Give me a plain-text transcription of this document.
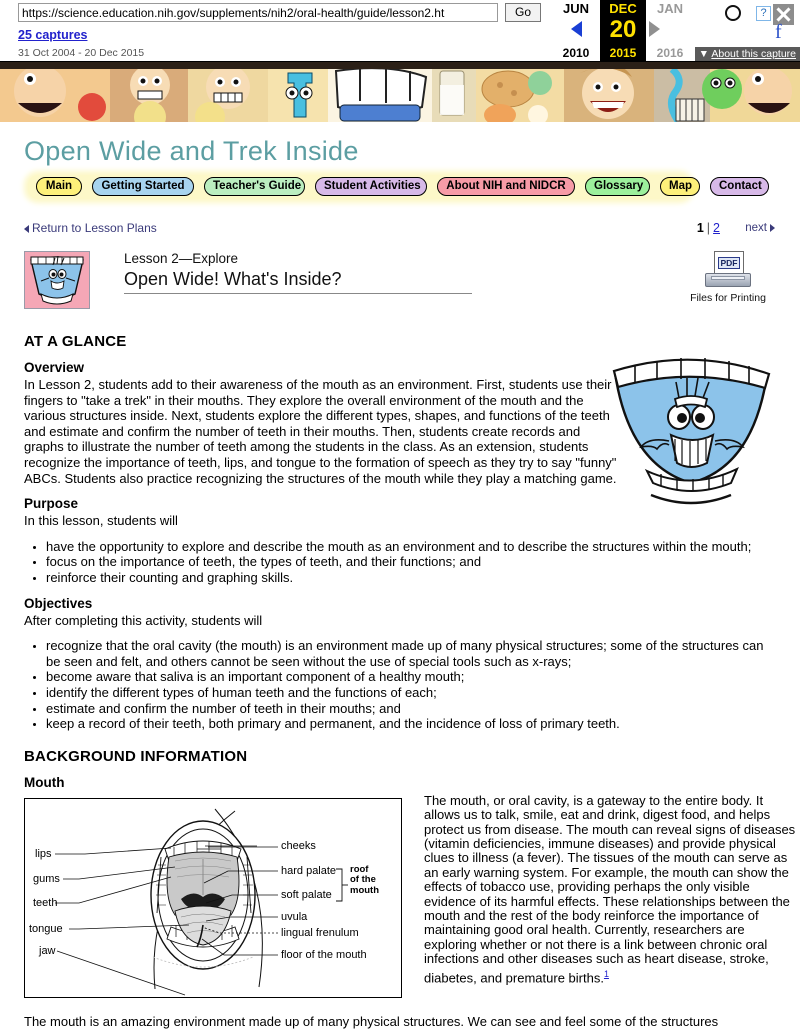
https://science.education.nih.gov/supplements/nih2/oral-health/guide/lesson2.ht
Go
25 captures
31 Oct 2004 - 20 Dec 2015
JUN
2010
DEC
2015
JAN
2016
20
?
f
▼ About this capture
Open Wide and Trek Inside
Main	Getting Started	Teacher's Guide	Student Activities	About NIH and NIDCR	Glossary	Map	Contact
Return to Lesson Plans	1 | 2 next
Lesson 2—Explore
Open Wide! What's Inside?
PDF
Files for Printing
AT A GLANCE
Overview

In Lesson 2, students add to their awareness of the mouth as an environment. First, students use their fingers to "take a trek" in their mouths. They explore the overall environment of the mouth and the various structures inside. Next, students explore the different types, shapes, and functions of the teeth and estimate and confirm the number of teeth in their mouths. Then, students create records and graphs to illustrate the number of teeth among the students in the class. As an extension, students recognize the importance of teeth, lips, and tongue to the formation of speech as they try to say "funny" ABCs. Students also practice recognizing the structures of the mouth while they play a matching game.

Purpose

In this lesson, students will

• have the opportunity to explore and describe the mouth as an environment and to describe the structures within the mouth;
• focus on the importance of teeth, the types of teeth, and their functions; and
• reinforce their counting and graphing skills.
Objectives

After completing this activity, students will

• recognize that the oral cavity (the mouth) is an environment made up of many physical structures; some of the structures can be seen and felt, and others cannot be seen without the use of special tools such as x-rays;
• become aware that saliva is an important component of a healthy mouth;
• identify the different types of human teeth and the functions of each;
• estimate and confirm the number of teeth in their mouths; and
• keep a record of their teeth, both primary and permanent, and the incidence of loss of primary teeth.
BACKGROUND INFORMATION
Mouth
lips
gums
teeth
tongue
jaw
cheeks
hard palate
soft palate
uvula
lingual frenulum
floor of the mouth
roof
of the
mouth
The mouth, or oral cavity, is a gateway to the entire body. It allows us to talk, smile, eat and drink, digest food, and helps protect us from disease. The mouth can reveal signs of diseases (vitamin deficiencies, immune diseases) and provide physical clues to illness (a fever). The tissues of the mouth can serve as an early warning system. For example, the mouth can show the effects of tobacco use, providing perhaps the only visible evidence of its harmful effects. These relationships between the mouth and the rest of the body reinforce the importance of maintaining good oral health. Currently, researchers are exploring whether or not there is a link between chronic oral infections and other diseases such as heart disease, stroke, diabetes, and premature births.$^1$

The mouth is an amazing environment made up of many physical structures. We can see and feel some of the structures
